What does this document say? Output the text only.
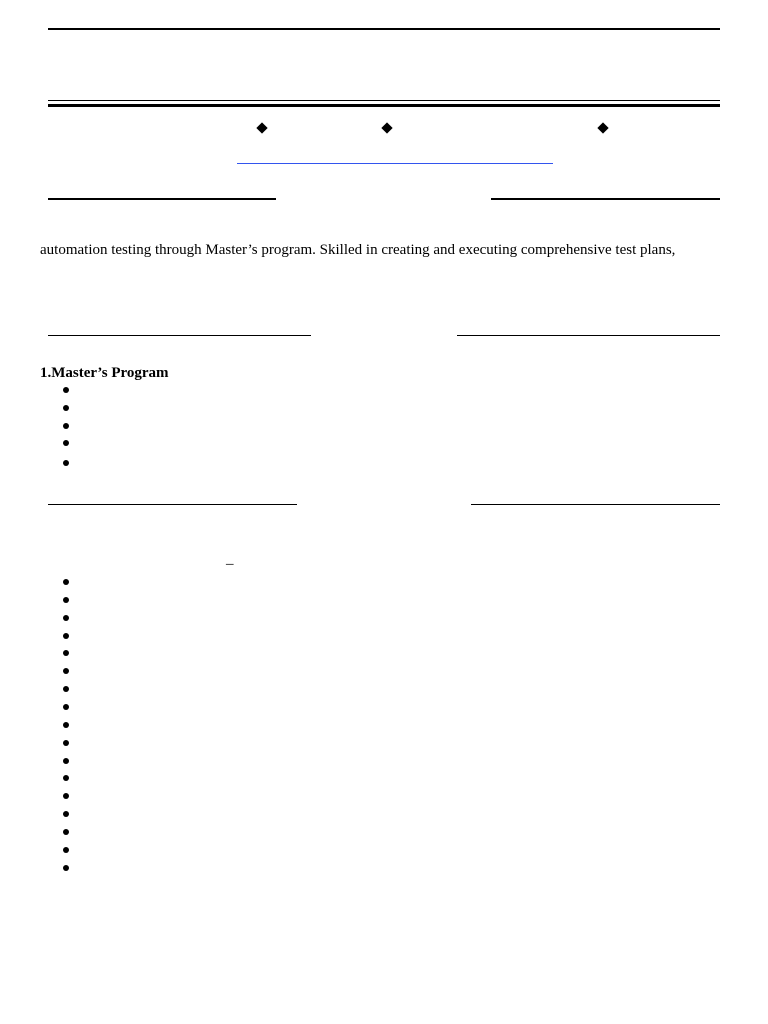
automation testing through Master’s program. Skilled in creating and executing comprehensive test plans,
1.Master’s Program
–
